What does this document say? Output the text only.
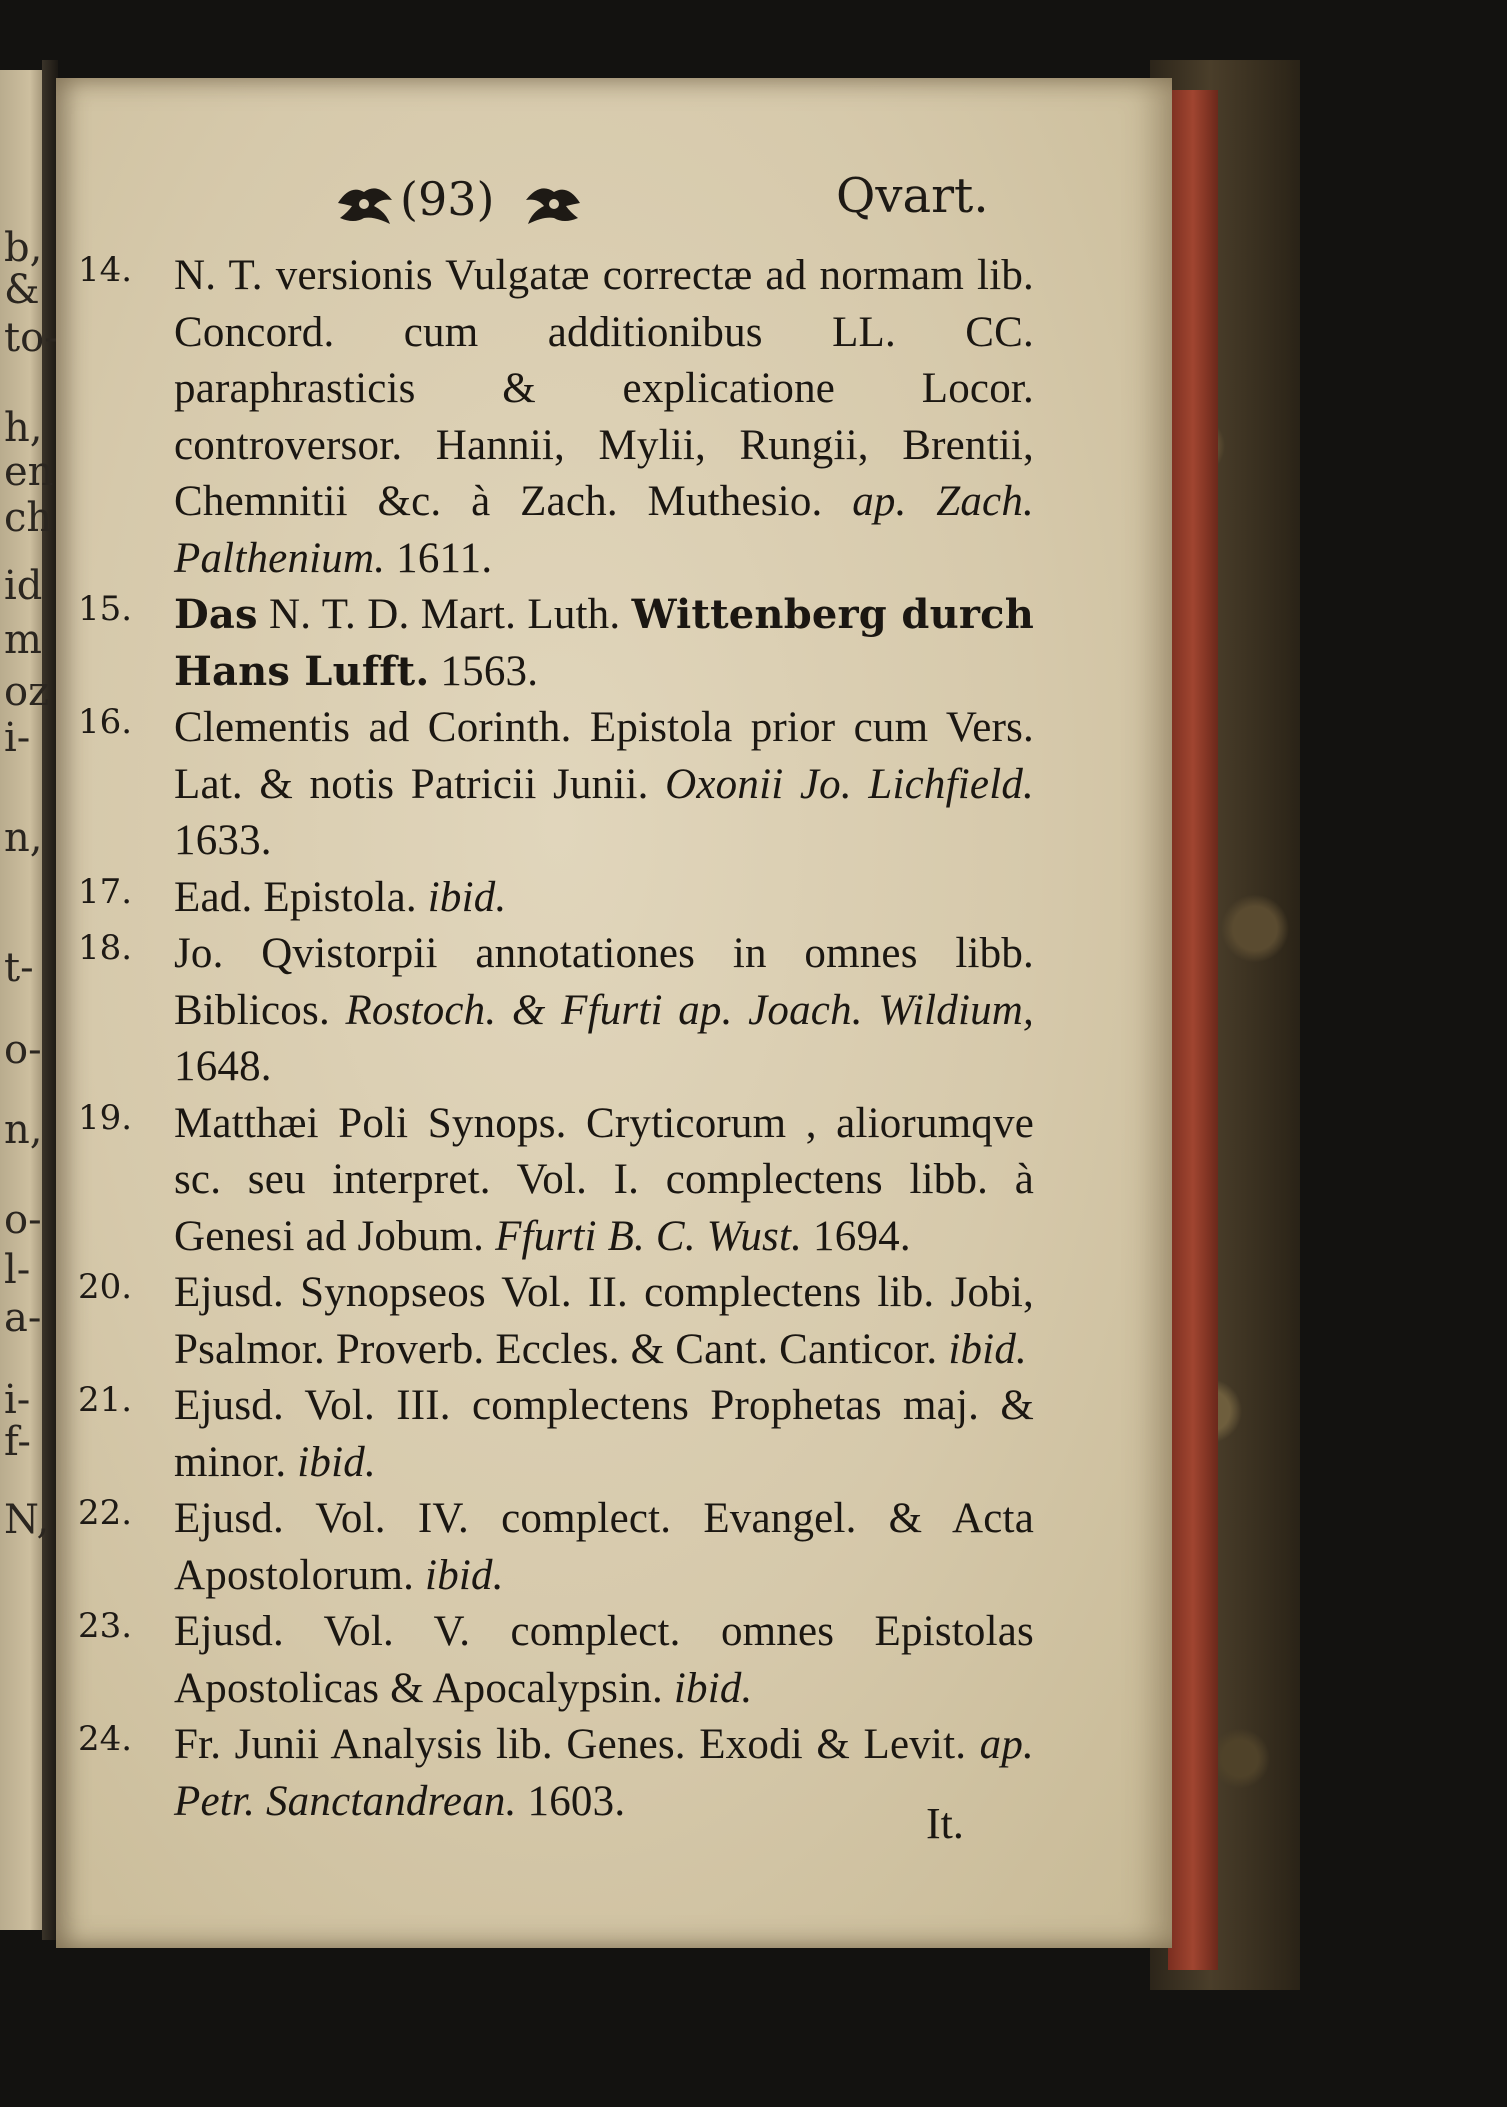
(93)	Qvart.
14. N. T. versionis Vulgatæ correctæ ad normam lib. Concord. cum additionibus LL. CC. paraphrasticis & explicatione Locor. controversor. Hannii, Mylii, Rungii, Brentii, Chemnitii &c. à Zach. Muthesio. ap. Zach. Palthenium. 1611.
15. Das N. T. D. Mart. Luth. Wittenberg durch Hans Lufft. 1563.
16. Clementis ad Corinth. Epistola prior cum Vers. Lat. & notis Patricii Junii. Oxonii Jo. Lichfield. 1633.
17. Ead. Epistola. ibid.
18. Jo. Qvistorpii annotationes in omnes libb. Biblicos. Rostoch. & Ffurti ap. Joach. Wildium, 1648.
19. Matthæi Poli Synops. Cryticorum , aliorumqve sc. seu interpret. Vol. I. complectens libb. à Genesi ad Jobum. Ffurti B. C. Wust. 1694.
20. Ejusd. Synopseos Vol. II. complectens lib. Jobi, Psalmor. Proverb. Eccles. & Cant. Canticor. ibid.
21. Ejusd. Vol. III. complectens Prophetas maj. & minor. ibid.
22. Ejusd. Vol. IV. complect. Evangel. & Acta Apostolorum. ibid.
23. Ejusd. Vol. V. complect. omnes Epistolas Apostolicas & Apocalypsin. ibid.
24. Fr. Junii Analysis lib. Genes. Exodi & Levit. ap. Petr. Sanctandrean. 1603.	It.
b,
&
to-
h,
en
ch
id
m
oz
i-
n,
t-
o-
n,
o-
l-
a-
i-
f-
N,
